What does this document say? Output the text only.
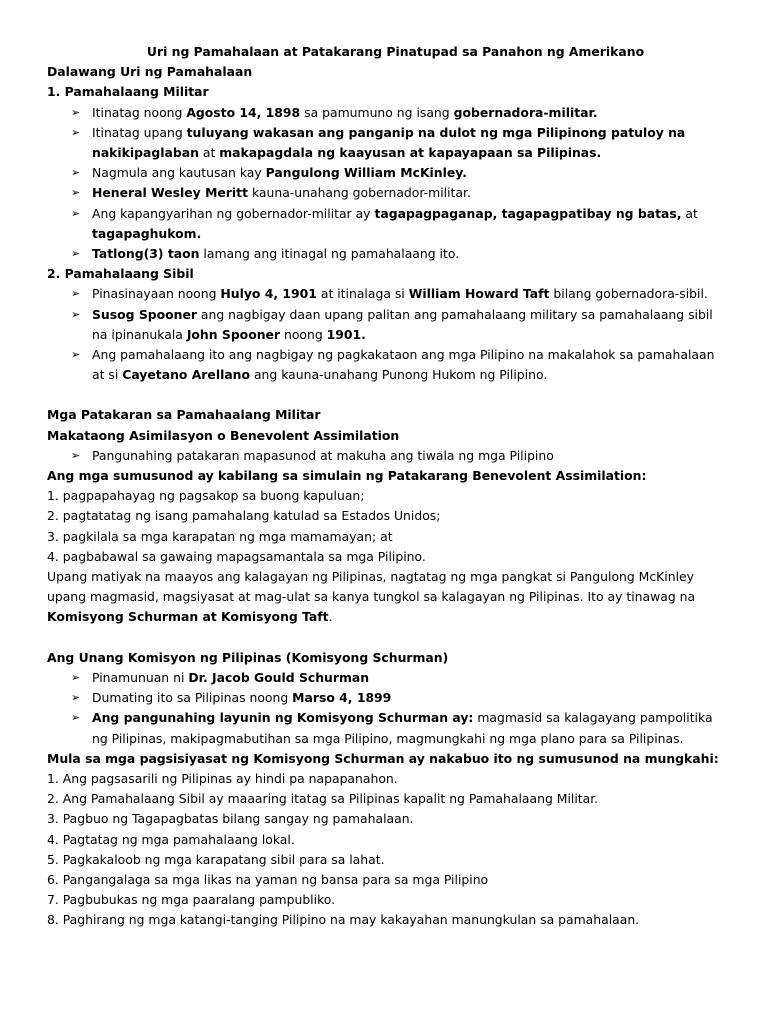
Uri ng Pamahalaan at Patakarang Pinatupad sa Panahon ng Amerikano

Dalawang Uri ng Pamahalaan

1. Pamahalaang Militar

➢ Itinatag noong Agosto 14, 1898 sa pamumuno ng isang gobernadora-militar.

➢ Itinatag upang tuluyang wakasan ang panganip na dulot ng mga Pilipinong patuloy na nakikipaglaban at makapagdala ng kaayusan at kapayapaan sa Pilipinas.

➢ Nagmula ang kautusan kay Pangulong William McKinley.

➢ Heneral Wesley Meritt kauna-unahang gobernador-militar.

➢ Ang kapangyarihan ng gobernador-militar ay tagapagpaganap, tagapagpatibay ng batas, at tagapaghukom.

➢ Tatlong(3) taon lamang ang itinagal ng pamahalaang ito.

2. Pamahalaang Sibil

➢ Pinasinayaan noong Hulyo 4, 1901 at itinalaga si William Howard Taft bilang gobernadora-sibil.

➢ Susog Spooner ang nagbigay daan upang palitan ang pamahalaang military sa pamahalaang sibil na ipinanukala John Spooner noong 1901.

➢ Ang pamahalaang ito ang nagbigay ng pagkakataon ang mga Pilipino na makalahok sa pamahalaan at si Cayetano Arellano ang kauna-unahang Punong Hukom ng Pilipino.

Mga Patakaran sa Pamahaalang Militar

Makataong Asimilasyon o Benevolent Assimilation

➢ Pangunahing patakaran mapasunod at makuha ang tiwala ng mga Pilipino

Ang mga sumusunod ay kabilang sa simulain ng Patakarang Benevolent Assimilation:

1. pagpapahayag ng pagsakop sa buong kapuluan;

2. pagtatatag ng isang pamahalang katulad sa Estados Unidos;

3. pagkilala sa mga karapatan ng mga mamamayan; at

4. pagbabawal sa gawaing mapagsamantala sa mga Pilipino.

Upang matiyak na maayos ang kalagayan ng Pilipinas, nagtatag ng mga pangkat si Pangulong McKinley upang magmasid, magsiyasat at mag-ulat sa kanya tungkol sa kalagayan ng Pilipinas. Ito ay tinawag na Komisyong Schurman at Komisyong Taft.

Ang Unang Komisyon ng Pilipinas (Komisyong Schurman)

➢ Pinamunuan ni Dr. Jacob Gould Schurman

➢ Dumating ito sa Pilipinas noong Marso 4, 1899

➢ Ang pangunahing layunin ng Komisyong Schurman ay: magmasid sa kalagayang pampolitika ng Pilipinas, makipagmabutihan sa mga Pilipino, magmungkahi ng mga plano para sa Pilipinas.

Mula sa mga pagsisiyasat ng Komisyong Schurman ay nakabuo ito ng sumusunod na mungkahi:

1. Ang pagsasarili ng Pilipinas ay hindi pa napapanahon.

2. Ang Pamahalaang Sibil ay maaaring itatag sa Pilipinas kapalit ng Pamahalaang Militar.

3. Pagbuo ng Tagapagbatas bilang sangay ng pamahalaan.

4. Pagtatag ng mga pamahalaang lokal.

5. Pagkakaloob ng mga karapatang sibil para sa lahat.

6. Pangangalaga sa mga likas na yaman ng bansa para sa mga Pilipino

7. Pagbubukas ng mga paaralang pampubliko.

8. Paghirang ng mga katangi-tanging Pilipino na may kakayahan manungkulan sa pamahalaan.
